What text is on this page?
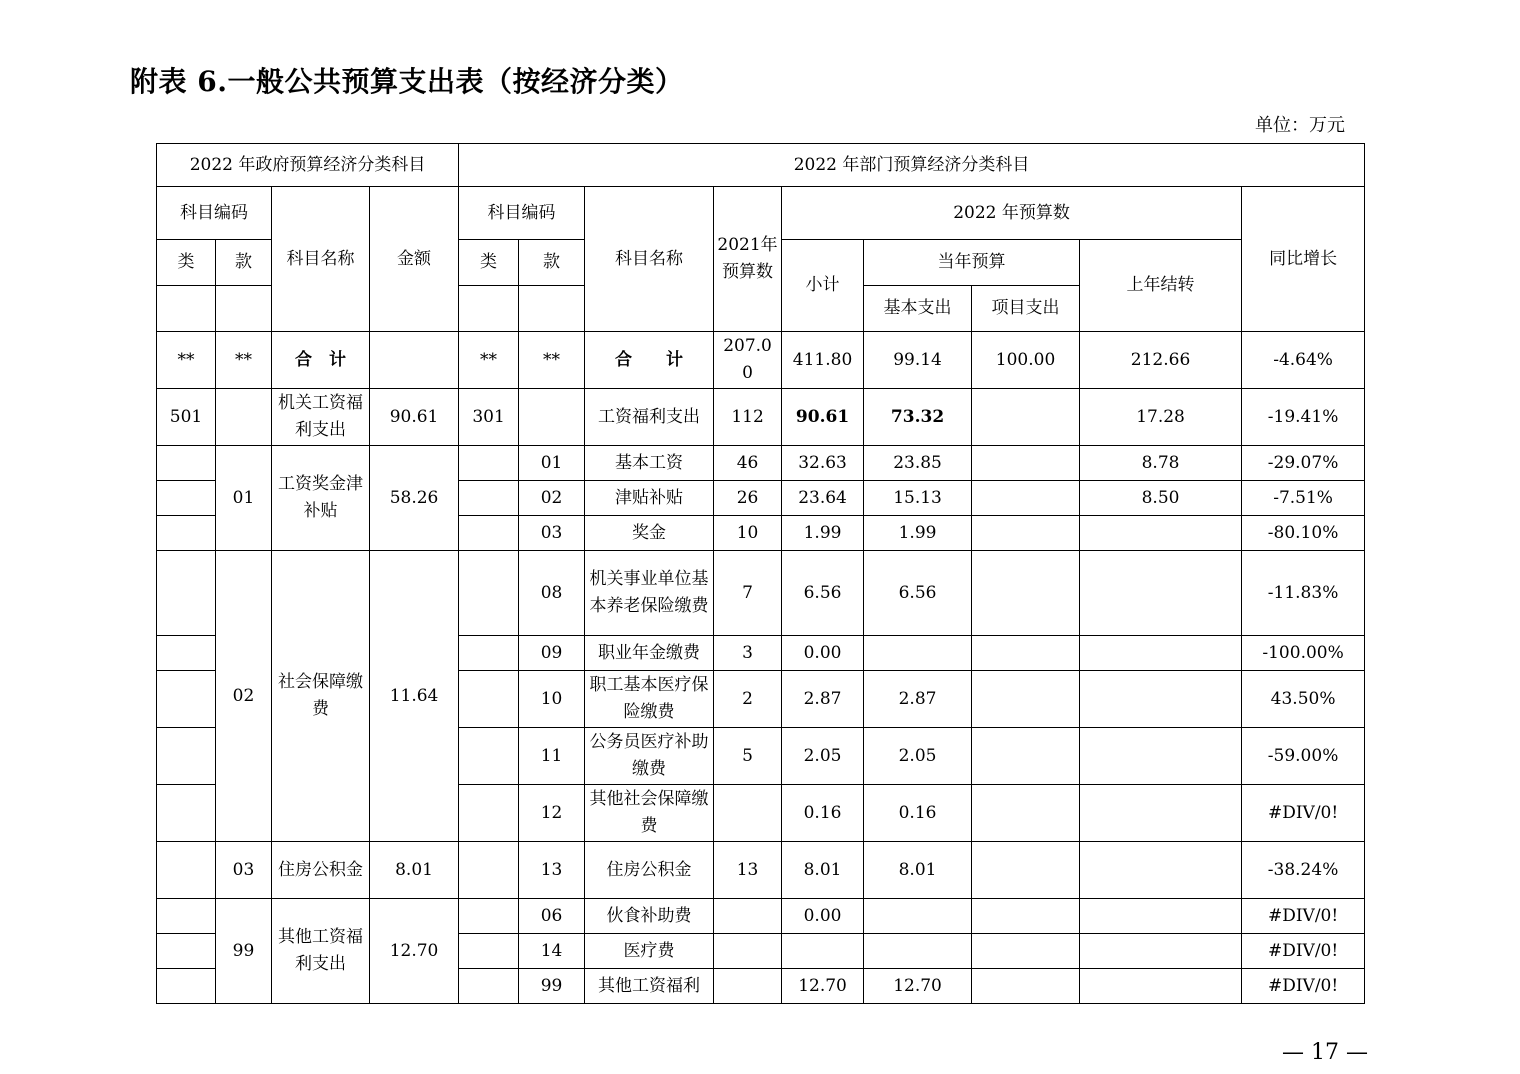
附表 6.一般公共预算支出表（按经济分类）
单位：万元
2022 年政府预算经济分类科目				2022 年部门预算经济分类科目								
科目编码		科目名称	金额	科目编码		科目名称	2021年预算数	2022 年预算数				同比增长
类	款			类	款			小计	当年预算		上年结转	
									基本支出	项目支出		
**	**	合　计		**	**	合　　计	207.0 0	411.80	99.14	100.00	212.66	-4.64%
501		机关工资福利支出	90.61	301		工资福利支出	112	90.61	73.32		17.28	-19.41%
	01	工资奖金津补贴	58.26		01	基本工资	46	32.63	23.85		8.78	-29.07%
					02	津贴补贴	26	23.64	15.13		8.50	-7.51%
					03	奖金	10	1.99	1.99			-80.10%
	02	社会保障缴费	11.64		08	机关事业单位基本养老保险缴费	7	6.56	6.56			-11.83%
					09	职业年金缴费	3	0.00				-100.00%
					10	职工基本医疗保险缴费	2	2.87	2.87			43.50%
					11	公务员医疗补助缴费	5	2.05	2.05			-59.00%
					12	其他社会保障缴费		0.16	0.16			#DIV/0!
	03	住房公积金	8.01		13	住房公积金	13	8.01	8.01			-38.24%
	99	其他工资福利支出	12.70		06	伙食补助费		0.00				#DIV/0!
					14	医疗费						#DIV/0!
					99	其他工资福利		12.70	12.70			#DIV/0!
— 17 —
